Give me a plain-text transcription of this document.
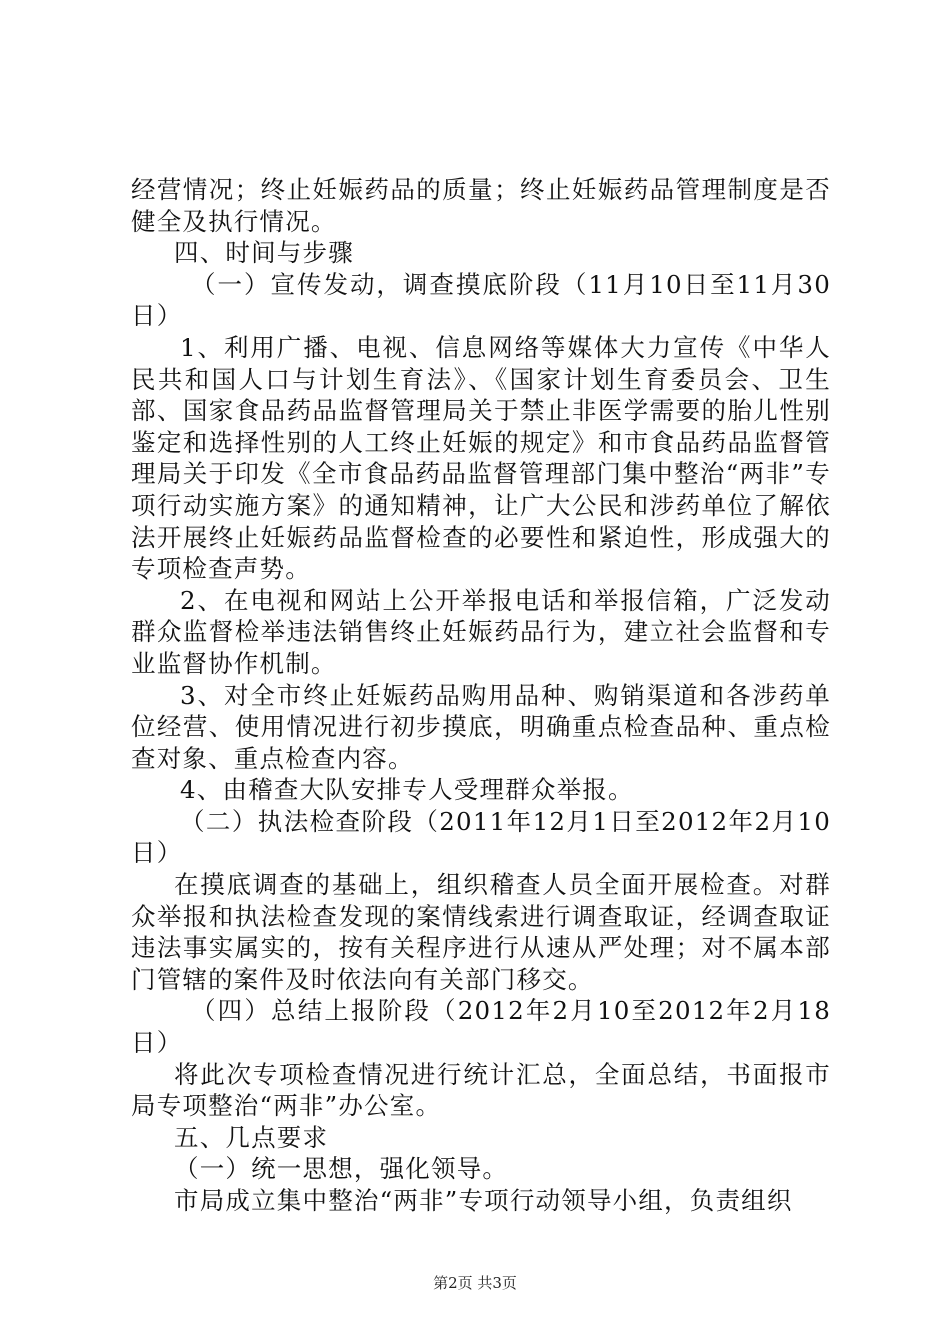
经营情况；终止妊娠药品的质量；终止妊娠药品管理制度是否健全及执行情况。

四、时间与步骤

（一）宣传发动，调查摸底阶段（11月10日至11月30日）

1、利用广播、电视、信息网络等媒体大力宣传《中华人民共和国人口与计划生育法》、《国家计划生育委员会、卫生部、国家食品药品监督管理局关于禁止非医学需要的胎儿性别鉴定和选择性别的人工终止妊娠的规定》和市食品药品监督管理局关于印发《全市食品药品监督管理部门集中整治“两非”专项行动实施方案》的通知精神，让广大公民和涉药单位了解依法开展终止妊娠药品监督检查的必要性和紧迫性，形成强大的专项检查声势。

2、在电视和网站上公开举报电话和举报信箱，广泛发动群众监督检举违法销售终止妊娠药品行为，建立社会监督和专业监督协作机制。

3、对全市终止妊娠药品购用品种、购销渠道和各涉药单位经营、使用情况进行初步摸底，明确重点检查品种、重点检查对象、重点检查内容。

4、由稽查大队安排专人受理群众举报。

（二）执法检查阶段（2011年12月1日至2012年2月10日）

在摸底调查的基础上，组织稽查人员全面开展检查。对群众举报和执法检查发现的案情线索进行调查取证，经调查取证违法事实属实的，按有关程序进行从速从严处理；对不属本部门管辖的案件及时依法向有关部门移交。

（四）总结上报阶段（2012年2月10至2012年2月18日）

将此次专项检查情况进行统计汇总，全面总结，书面报市局专项整治“两非”办公室。

五、几点要求

（一）统一思想，强化领导。

市局成立集中整治“两非”专项行动领导小组，负责组织

第2页 共3页
